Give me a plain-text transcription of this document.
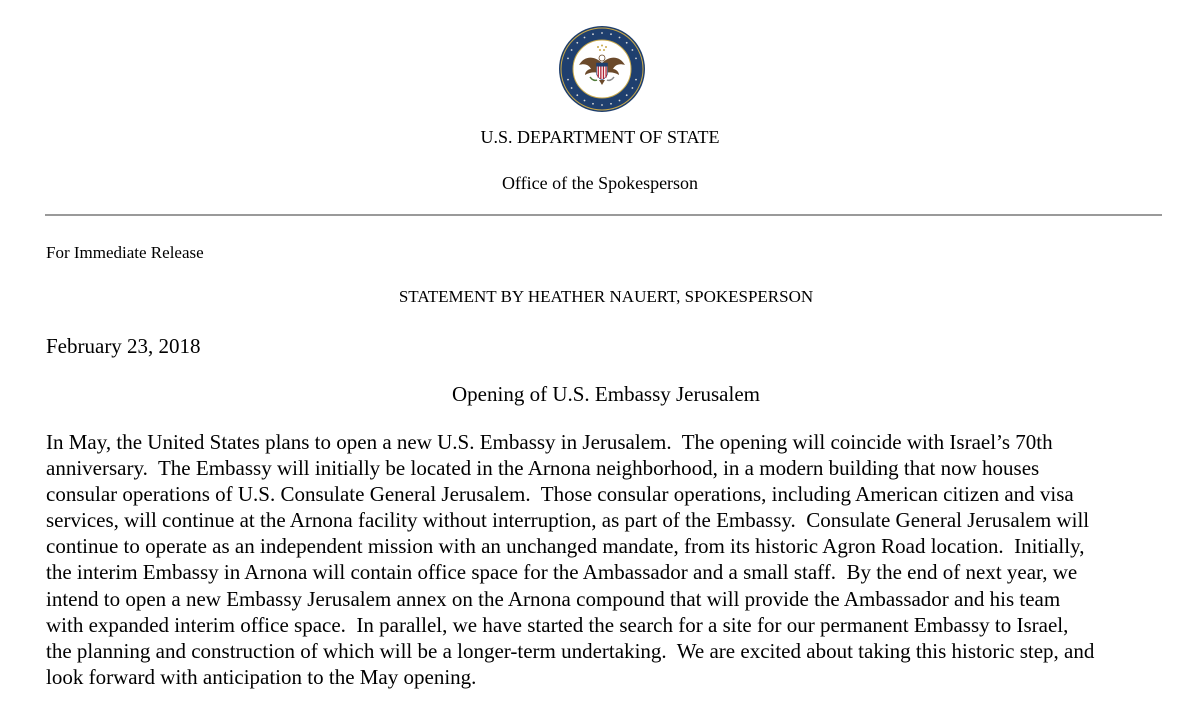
U.S. DEPARTMENT OF STATE
Office of the Spokesperson
For Immediate Release
STATEMENT BY HEATHER NAUERT, SPOKESPERSON
February 23, 2018
Opening of U.S. Embassy Jerusalem
In May, the United States plans to open a new U.S. Embassy in Jerusalem.  The opening will coincide with Israel’s 70th
anniversary.  The Embassy will initially be located in the Arnona neighborhood, in a modern building that now houses
consular operations of U.S. Consulate General Jerusalem.  Those consular operations, including American citizen and visa
services, will continue at the Arnona facility without interruption, as part of the Embassy.  Consulate General Jerusalem will
continue to operate as an independent mission with an unchanged mandate, from its historic Agron Road location.  Initially,
the interim Embassy in Arnona will contain office space for the Ambassador and a small staff.  By the end of next year, we
intend to open a new Embassy Jerusalem annex on the Arnona compound that will provide the Ambassador and his team
with expanded interim office space.  In parallel, we have started the search for a site for our permanent Embassy to Israel,
the planning and construction of which will be a longer-term undertaking.  We are excited about taking this historic step, and
look forward with anticipation to the May opening.
